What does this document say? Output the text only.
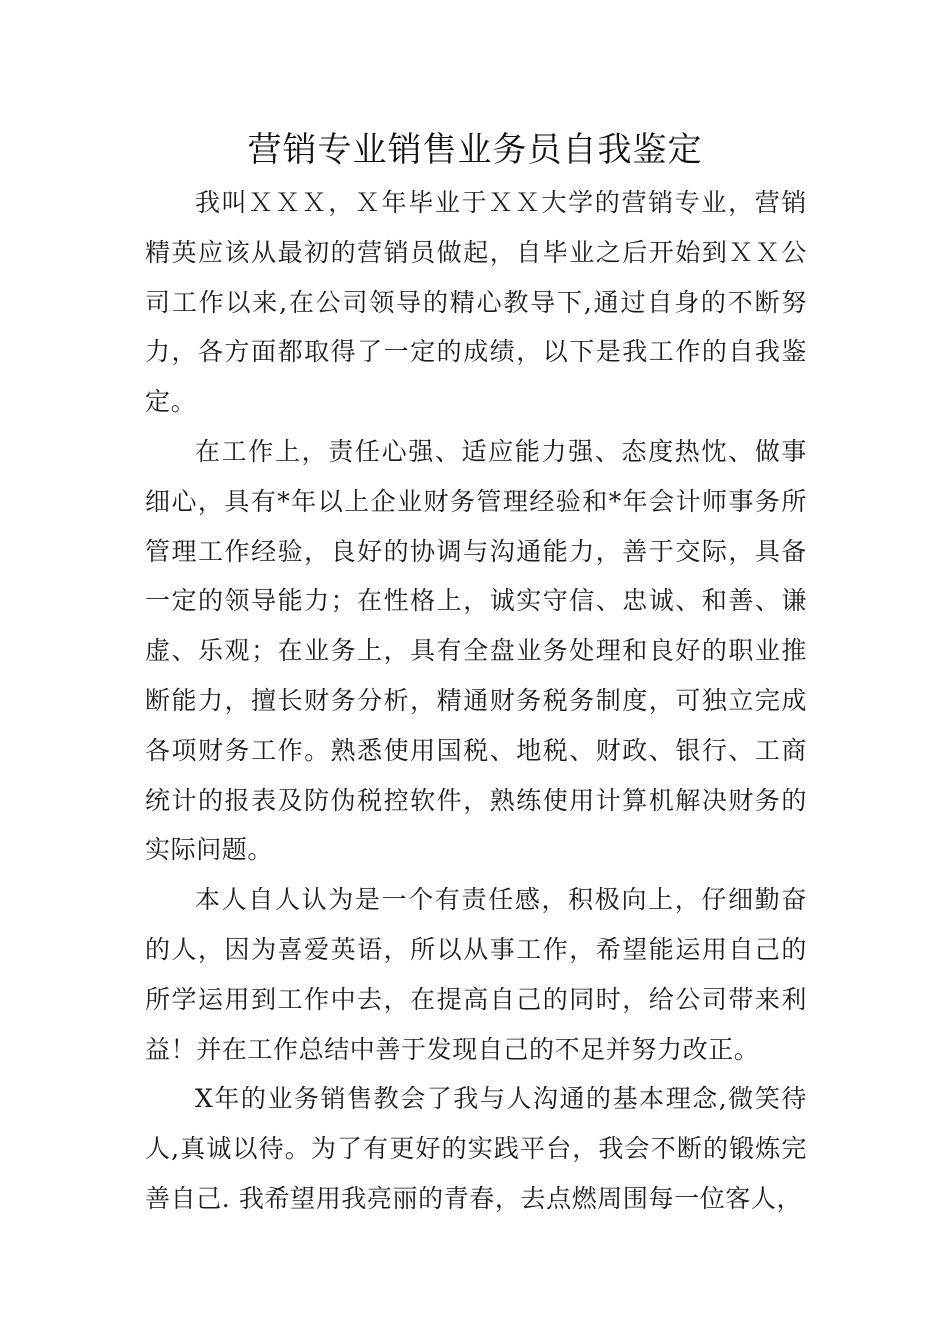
营销专业销售业务员自我鉴定

我叫ＸＸＸ，Ｘ年毕业于ＸＸ大学的营销专业，营销精英应该从最初的营销员做起，自毕业之后开始到ＸＸ公司工作以来,在公司领导的精心教导下,通过自身的不断努力，各方面都取得了一定的成绩，以下是我工作的自我鉴定。

在工作上，责任心强、适应能力强、态度热忱、做事细心，具有*年以上企业财务管理经验和*年会计师事务所管理工作经验，良好的协调与沟通能力，善于交际，具备一定的领导能力；在性格上，诚实守信、忠诚、和善、谦虚、乐观；在业务上，具有全盘业务处理和良好的职业推断能力，擅长财务分析，精通财务税务制度，可独立完成各项财务工作。熟悉使用国税、地税、财政、银行、工商统计的报表及防伪税控软件，熟练使用计算机解决财务的实际问题。

本人自人认为是一个有责任感，积极向上，仔细勤奋的人，因为喜爱英语，所以从事工作，希望能运用自己的所学运用到工作中去，在提高自己的同时，给公司带来利益！并在工作总结中善于发现自己的不足并努力改正。

X年的业务销售教会了我与人沟通的基本理念,微笑待人,真诚以待。为了有更好的实践平台，我会不断的锻炼完善自己. 我希望用我亮丽的青春，去点燃周围每一位客人，
